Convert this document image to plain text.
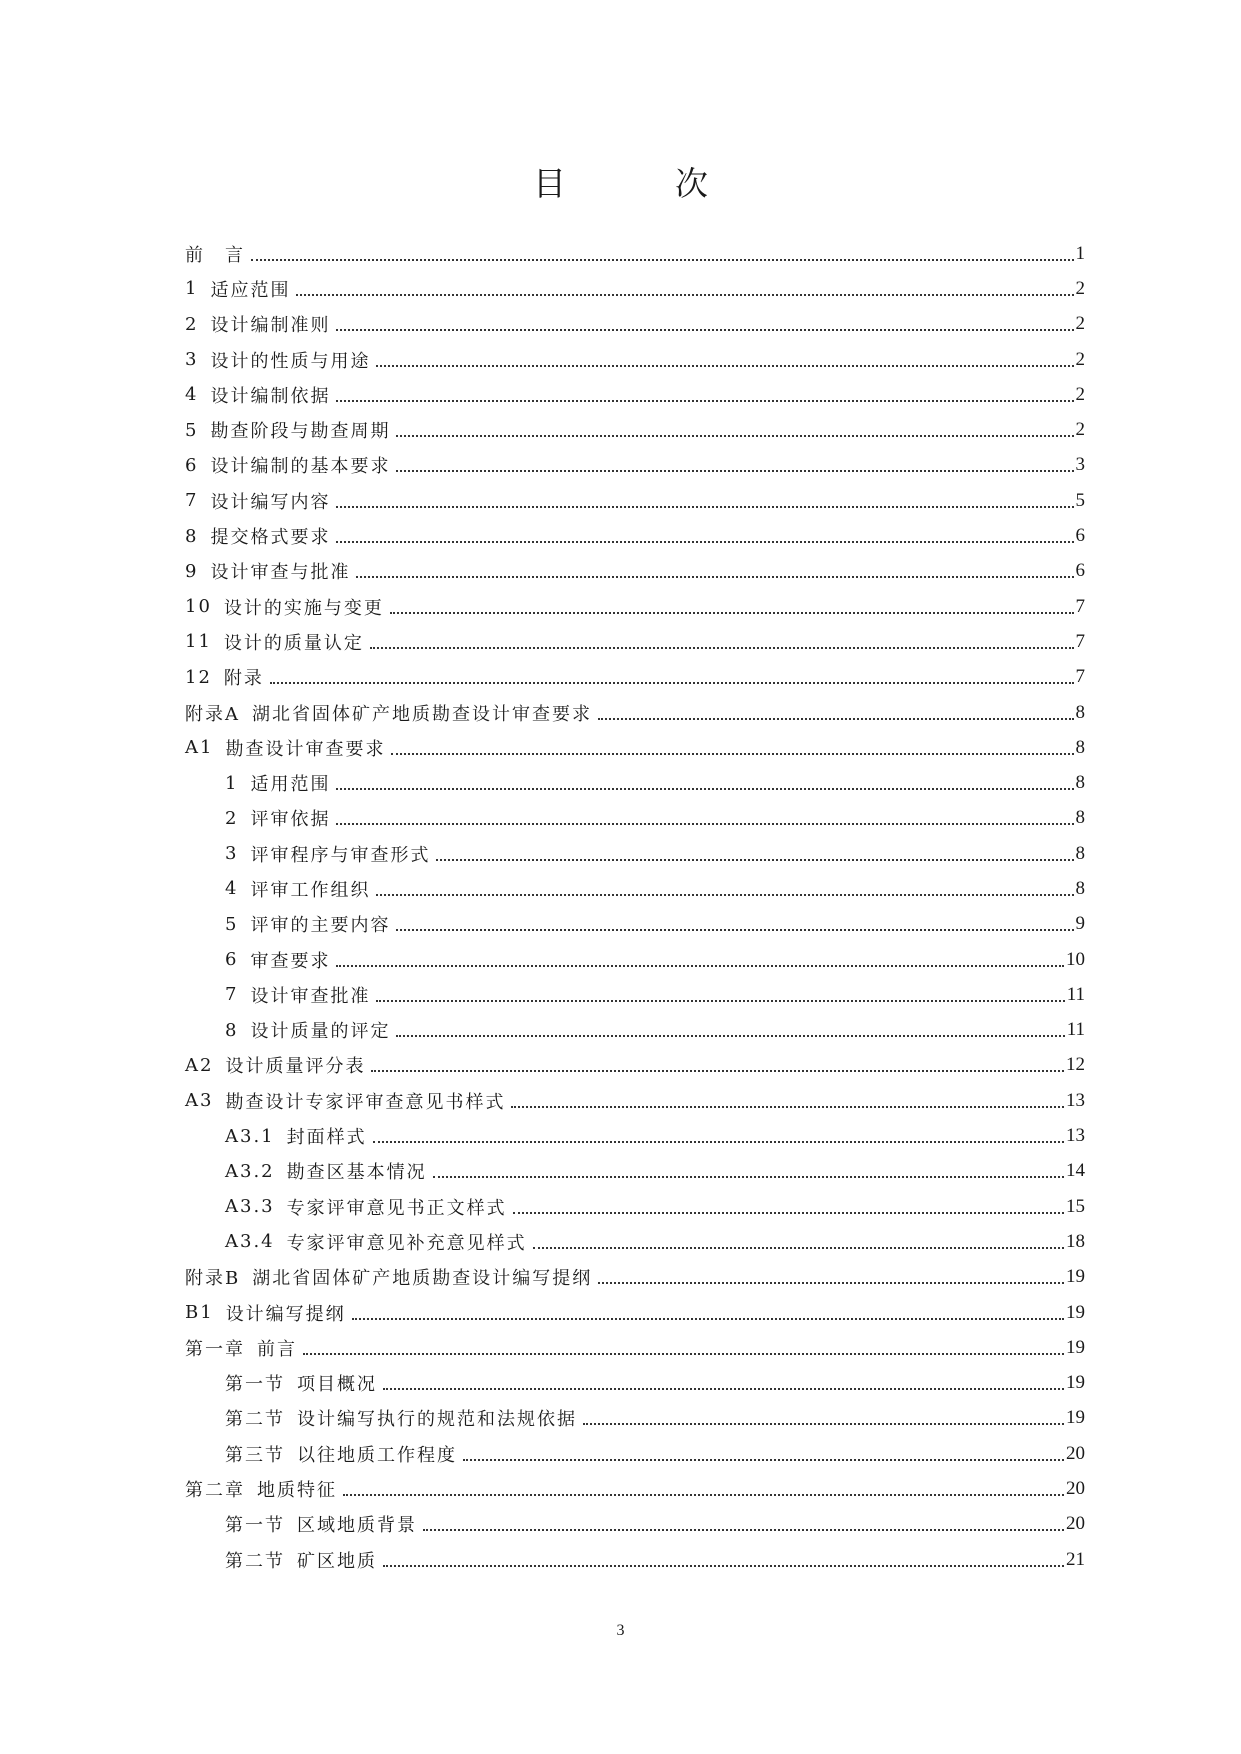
目　次
前　言	1
1 适应范围	2
2 设计编制准则	2
3 设计的性质与用途	2
4 设计编制依据	2
5 勘查阶段与勘查周期	2
6 设计编制的基本要求	3
7 设计编写内容	5
8 提交格式要求	6
9 设计审查与批准	6
10 设计的实施与变更	7
11 设计的质量认定	7
12 附录	7
附录A 湖北省固体矿产地质勘查设计审查要求	8
A1 勘查设计审查要求	8
1 适用范围	8
2 评审依据	8
3 评审程序与审查形式	8
4 评审工作组织	8
5 评审的主要内容	9
6 审查要求	10
7 设计审查批准	11
8 设计质量的评定	11
A2 设计质量评分表	12
A3 勘查设计专家评审查意见书样式	13
A3.1 封面样式	13
A3.2 勘查区基本情况	14
A3.3 专家评审意见书正文样式	15
A3.4 专家评审意见补充意见样式	18
附录B 湖北省固体矿产地质勘查设计编写提纲	19
B1 设计编写提纲	19
第一章 前言	19
第一节 项目概况	19
第二节 设计编写执行的规范和法规依据	19
第三节 以往地质工作程度	20
第二章 地质特征	20
第一节 区域地质背景	20
第二节 矿区地质	21
3
